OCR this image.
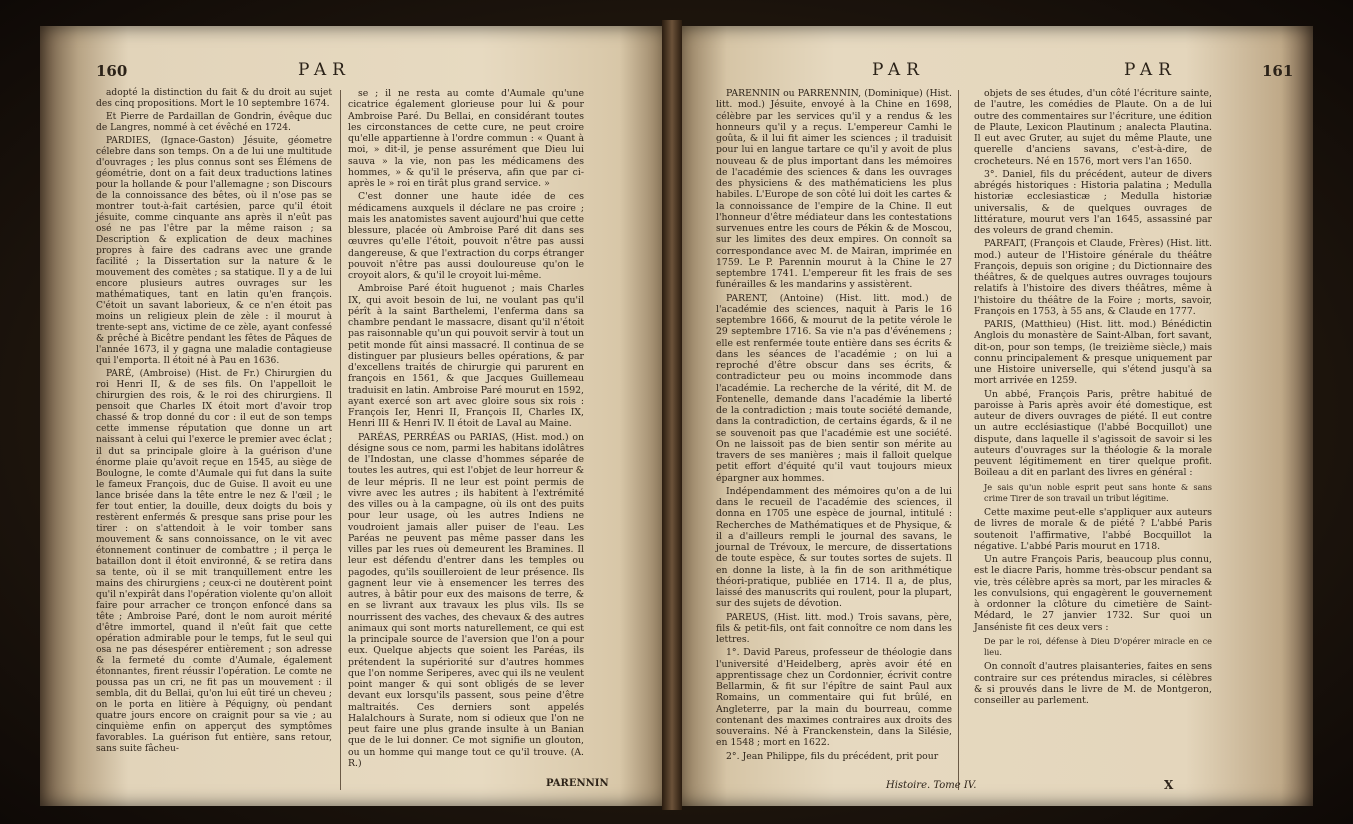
160	PAR

adopté la distinction du fait & du droit au sujet des cinq propositions. Mort le 10 septembre 1674.

Et Pierre de Pardaillan de Gondrin, évêque duc de Langres, nommé à cet évêché en 1724.

PARDIES, (Ignace-Gaston) Jésuite, géometre célebre dans son temps. On a de lui une multitude d'ouvrages ; les plus connus sont ses Élémens de géométrie, dont on a fait deux traductions latines pour la hollande & pour l'allemagne ; son Discours de la connoissance des bêtes, où il n'ose pas se montrer tout-à-fait cartésien, parce qu'il étoit jésuite, comme cinquante ans après il n'eût pas osé ne pas l'être par la même raison ; sa Description & explication de deux machines propres à faire des cadrans avec une grande facilité ; la Dissertation sur la nature & le mouvement des comètes ; sa statique. Il y a de lui encore plusieurs autres ouvrages sur les mathématiques, tant en latin qu'en françois. C'étoit un savant laborieux, & ce n'en étoit pas moins un religieux plein de zèle : il mourut à trente-sept ans, victime de ce zèle, ayant confessé & prêché à Bicêtre pendant les fêtes de Pâques de l'année 1673, il y gagna une maladie contagieuse qui l'emporta. Il étoit né à Pau en 1636.

PARÉ, (Ambroise) (Hist. de Fr.) Chirurgien du roi Henri II, & de ses fils. On l'appelloit le chirurgien des rois, & le roi des chirurgiens. Il pensoit que Charles IX étoit mort d'avoir trop chassé & trop donné du cor : il eut de son temps cette immense réputation que donne un art naissant à celui qui l'exerce le premier avec éclat ; il dut sa principale gloire à la guérison d'une énorme plaie qu'avoit reçue en 1545, au siège de Boulogne, le comte d'Aumale qui fut dans la suite le fameux François, duc de Guise. Il avoit eu une lance brisée dans la tête entre le nez & l'œil ; le fer tout entier, la douille, deux doigts du bois y restèrent enfermés & presque sans prise pour les tirer : on s'attendoit à le voir tomber sans mouvement & sans connoissance, on le vit avec étonnement continuer de combattre ; il perça le bataillon dont il étoit environné, & se retira dans sa tente, où il se mit tranquillement entre les mains des chirurgiens ; ceux-ci ne doutèrent point qu'il n'expirât dans l'opération violente qu'on alloit faire pour arracher ce tronçon enfoncé dans sa tête ; Ambroise Paré, dont le nom auroit mérité d'être immortel, quand il n'eût fait que cette opération admirable pour le temps, fut le seul qui osa ne pas désespérer entièrement ; son adresse & la fermeté du comte d'Aumale, également étonnantes, firent réussir l'opération. Le comte ne poussa pas un cri, ne fit pas un mouvement : il sembla, dit du Bellai, qu'on lui eût tiré un cheveu ; on le porta en litière à Péquigny, où pendant quatre jours encore on craignit pour sa vie ; au cinquième enfin on apperçut des symptômes favorables. La guérison fut entière, sans retour, sans suite fâcheu-

se ; il ne resta au comte d'Aumale qu'une cicatrice également glorieuse pour lui & pour Ambroise Paré. Du Bellai, en considérant toutes les circonstances de cette cure, ne peut croire qu'elle appartienne à l'ordre commun : « Quant à moi, » dit-il, je pense assurément que Dieu lui sauva » la vie, non pas les médicamens des hommes, » & qu'il le préserva, afin que par ci-après le » roi en tirât plus grand service. »

C'est donner une haute idée de ces médicamens auxquels il déclare ne pas croire ; mais les anatomistes savent aujourd'hui que cette blessure, placée où Ambroise Paré dit dans ses œuvres qu'elle l'étoit, pouvoit n'être pas aussi dangereuse, & que l'extraction du corps étranger pouvoit n'être pas aussi douloureuse qu'on le croyoit alors, & qu'il le croyoit lui-même.

Ambroise Paré étoit huguenot ; mais Charles IX, qui avoit besoin de lui, ne voulant pas qu'il pérît à la saint Barthelemi, l'enferma dans sa chambre pendant le massacre, disant qu'il n'étoit pas raisonnable qu'un qui pouvoit servir à tout un petit monde fût ainsi massacré. Il continua de se distinguer par plusieurs belles opérations, & par d'excellens traités de chirurgie qui parurent en françois en 1561, & que Jacques Guillemeau traduisit en latin. Ambroise Paré mourut en 1592, ayant exercé son art avec gloire sous six rois : François Ier, Henri II, François II, Charles IX, Henri III & Henri IV. Il étoit de Laval au Maine.

PARÉAS, PERRÉAS ou PARIAS, (Hist. mod.) on désigne sous ce nom, parmi les habitans idolâtres de l'Indostan, une classe d'hommes séparée de toutes les autres, qui est l'objet de leur horreur & de leur mépris. Il ne leur est point permis de vivre avec les autres ; ils habitent à l'extrémité des villes ou à la campagne, où ils ont des puits pour leur usage, où les autres Indiens ne voudroient jamais aller puiser de l'eau. Les Paréas ne peuvent pas même passer dans les villes par les rues où demeurent les Bramines. Il leur est défendu d'entrer dans les temples ou pagodes, qu'ils souilleroient de leur présence. Ils gagnent leur vie à ensemencer les terres des autres, à bâtir pour eux des maisons de terre, & en se livrant aux travaux les plus vils. Ils se nourrissent des vaches, des chevaux & des autres animaux qui sont morts naturellement, ce qui est la principale source de l'aversion que l'on a pour eux. Quelque abjects que soient les Paréas, ils prétendent la supériorité sur d'autres hommes que l'on nomme Seriperes, avec qui ils ne veulent point manger & qui sont obligés de se lever devant eux lorsqu'ils passent, sous peine d'être maltraités. Ces derniers sont appelés Halalchours à Surate, nom si odieux que l'on ne peut faire une plus grande insulte à un Banian que de le lui donner. Ce mot signifie un glouton, ou un homme qui mange tout ce qu'il trouve. (A. R.)

PARENNIN
PAR	PAR	161

PARENNIN ou PARRENNIN, (Dominique) (Hist. litt. mod.) Jésuite, envoyé à la Chine en 1698, célèbre par les services qu'il y a rendus & les honneurs qu'il y a reçus. L'empereur Camhi le goûta, & il lui fit aimer les sciences ; il traduisit pour lui en langue tartare ce qu'il y avoit de plus nouveau & de plus important dans les mémoires de l'académie des sciences & dans les ouvrages des physiciens & des mathématiciens les plus habiles. L'Europe de son côté lui doit les cartes & la connoissance de l'empire de la Chine. Il eut l'honneur d'être médiateur dans les contestations survenues entre les cours de Pékin & de Moscou, sur les limites des deux empires. On connoît sa correspondance avec M. de Mairan, imprimée en 1759. Le P. Parennin mourut à la Chine le 27 septembre 1741. L'empereur fit les frais de ses funérailles & les mandarins y assistèrent.

PARENT, (Antoine) (Hist. litt. mod.) de l'académie des sciences, naquit à Paris le 16 septembre 1666, & mourut de la petite vérole le 29 septembre 1716. Sa vie n'a pas d'événemens ; elle est renfermée toute entière dans ses écrits & dans les séances de l'académie ; on lui a reproché d'être obscur dans ses écrits, & contradicteur peu ou moins incommode dans l'académie. La recherche de la vérité, dit M. de Fontenelle, demande dans l'académie la liberté de la contradiction ; mais toute société demande, dans la contradiction, de certains égards, & il ne se souvenoit pas que l'académie est une société. On ne laissoit pas de bien sentir son mérite au travers de ses manières ; mais il falloit quelque petit effort d'équité qu'il vaut toujours mieux épargner aux hommes.

Indépendamment des mémoires qu'on a de lui dans le recueil de l'académie des sciences, il donna en 1705 une espèce de journal, intitulé : Recherches de Mathématiques et de Physique, & il a d'ailleurs rempli le journal des savans, le journal de Trévoux, le mercure, de dissertations de toute espèce, & sur toutes sortes de sujets. Il en donne la liste, à la fin de son arithmétique théori-pratique, publiée en 1714. Il a, de plus, laissé des manuscrits qui roulent, pour la plupart, sur des sujets de dévotion.

PAREUS, (Hist. litt. mod.) Trois savans, père, fils & petit-fils, ont fait connoître ce nom dans les lettres.

1°. David Pareus, professeur de théologie dans l'université d'Heidelberg, après avoir été en apprentissage chez un Cordonnier, écrivit contre Bellarmin, & fit sur l'épître de saint Paul aux Romains, un commentaire qui fut brûlé, en Angleterre, par la main du bourreau, comme contenant des maximes contraires aux droits des souverains. Né à Franckenstein, dans la Silésie, en 1548 ; mort en 1622.

2°. Jean Philippe, fils du précédent, prit pour

objets de ses études, d'un côté l'écriture sainte, de l'autre, les comédies de Plaute. On a de lui outre des commentaires sur l'écriture, une édition de Plaute, Lexicon Plautinum ; analecta Plautina. Il eut avec Gruter, au sujet du même Plaute, une querelle d'anciens savans, c'est-à-dire, de crocheteurs. Né en 1576, mort vers l'an 1650.

3°. Daniel, fils du précédent, auteur de divers abrégés historiques : Historia palatina ; Medulla historiæ ecclesiasticæ ; Medulla historiæ universalis, & de quelques ouvrages de littérature, mourut vers l'an 1645, assassiné par des voleurs de grand chemin.

PARFAIT, (François et Claude, Frères) (Hist. litt. mod.) auteur de l'Histoire générale du théâtre François, depuis son origine ; du Dictionnaire des théâtres, & de quelques autres ouvrages toujours relatifs à l'histoire des divers théâtres, même à l'histoire du théâtre de la Foire ; morts, savoir, François en 1753, à 55 ans, & Claude en 1777.

PARIS, (Matthieu) (Hist. litt. mod.) Bénédictin Anglois du monastère de Saint-Alban, fort savant, dit-on, pour son temps, (le treizième siècle,) mais connu principalement & presque uniquement par une Histoire universelle, qui s'étend jusqu'à sa mort arrivée en 1259.

Un abbé, François Paris, prêtre habitué de paroisse à Paris après avoir été domestique, est auteur de divers ouvrages de piété. Il eut contre un autre ecclésiastique (l'abbé Bocquillot) une dispute, dans laquelle il s'agissoit de savoir si les auteurs d'ouvrages sur la théologie & la morale peuvent légitimement en tirer quelque profit. Boileau a dit en parlant des livres en général :

Je sais qu'un noble esprit peut sans honte & sans crime Tirer de son travail un tribut légitime.

Cette maxime peut-elle s'appliquer aux auteurs de livres de morale & de piété ? L'abbé Paris soutenoit l'affirmative, l'abbé Bocquillot la négative. L'abbé Paris mourut en 1718.

Un autre François Paris, beaucoup plus connu, est le diacre Paris, homme très-obscur pendant sa vie, très célèbre après sa mort, par les miracles & les convulsions, qui engagèrent le gouvernement à ordonner la clôture du cimetière de Saint-Médard, le 27 janvier 1732. Sur quoi un Janséniste fit ces deux vers :

De par le roi, défense à Dieu D'opérer miracle en ce lieu.

On connoît d'autres plaisanteries, faites en sens contraire sur ces prétendus miracles, si célèbres & si prouvés dans le livre de M. de Montgeron, conseiller au parlement.

Histoire. Tome IV.	X
